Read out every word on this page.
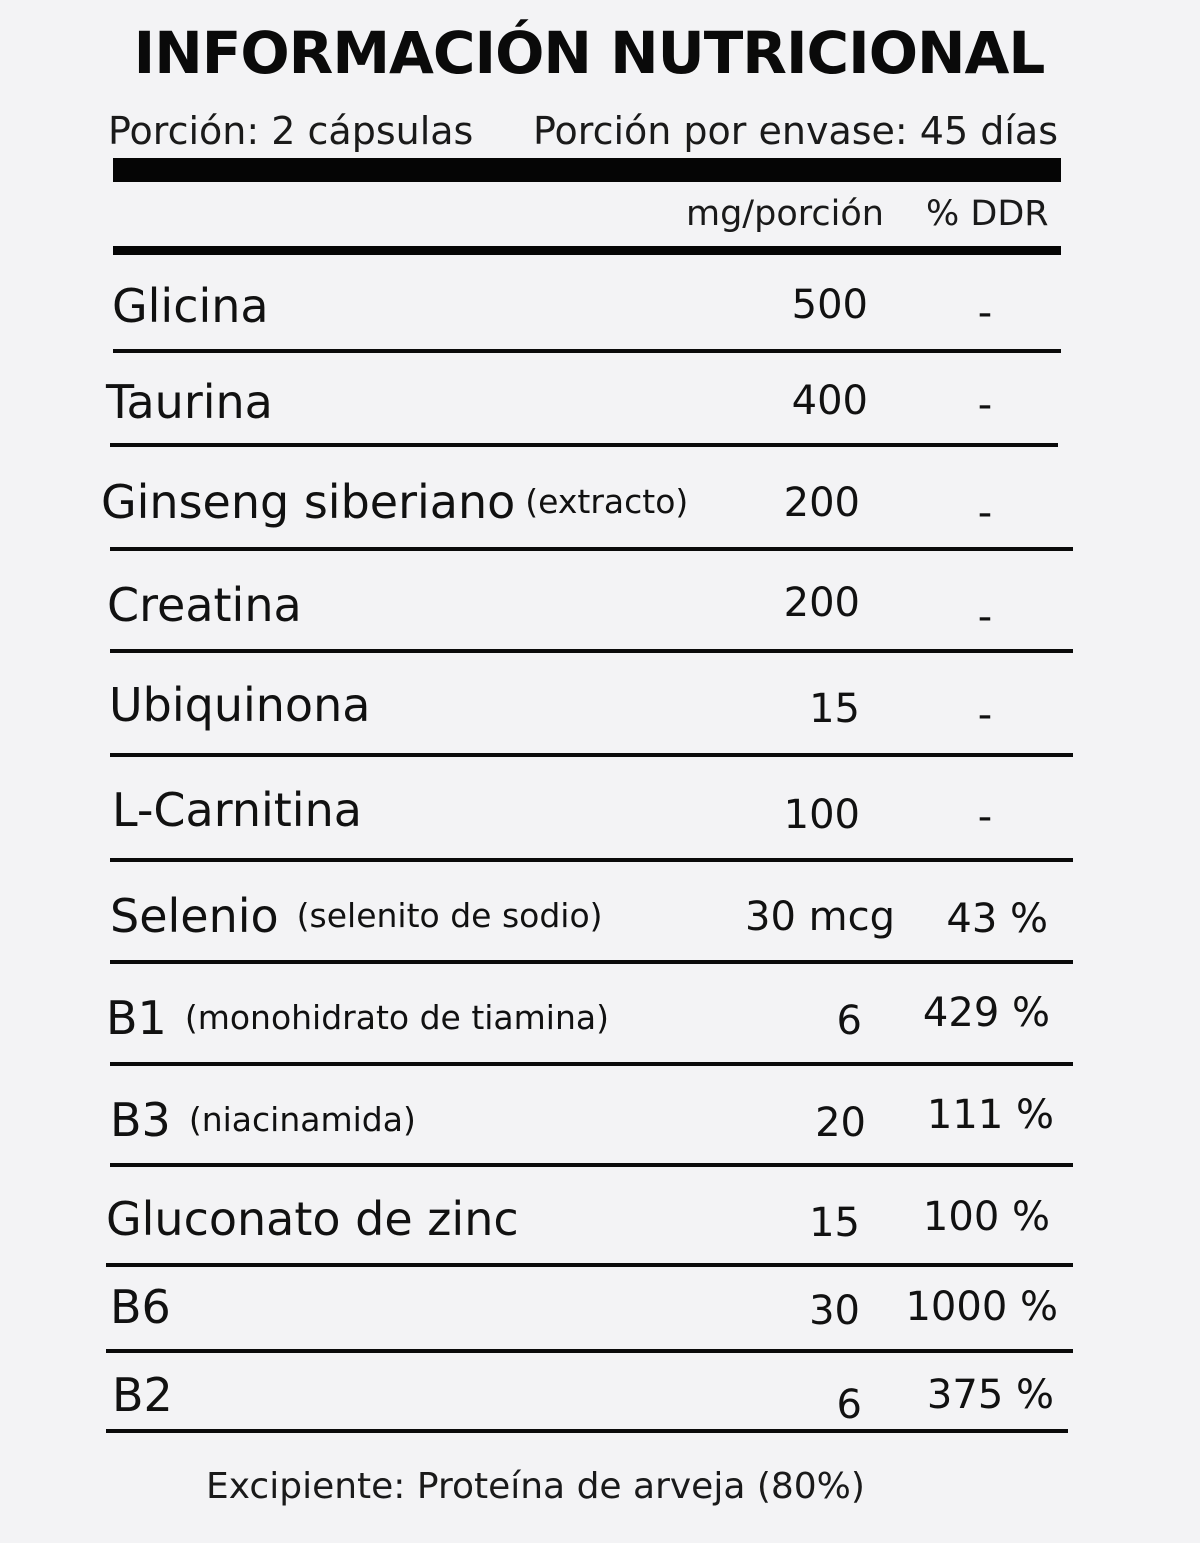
INFORMACIÓN NUTRICIONAL
Porción: 2 cápsulas Porción por envase: 45 días
mg/porción % DDR
Glicina	500	-
Taurina	400	-
Ginseng siberiano (extracto) 200	-
Creatina	200	-
Ubiquinona	15	-
L-Carnitina	100	-
Selenio (selenito de sodio)	30 mcg	43 %
B1 (monohidrato de tiamina)	6	429 %
B3 (niacinamida)	20	111 %
Gluconato de zinc	15	100 %
B6	30	1000 %
B2	6	375 %
Excipiente: Proteína de arveja (80%)
